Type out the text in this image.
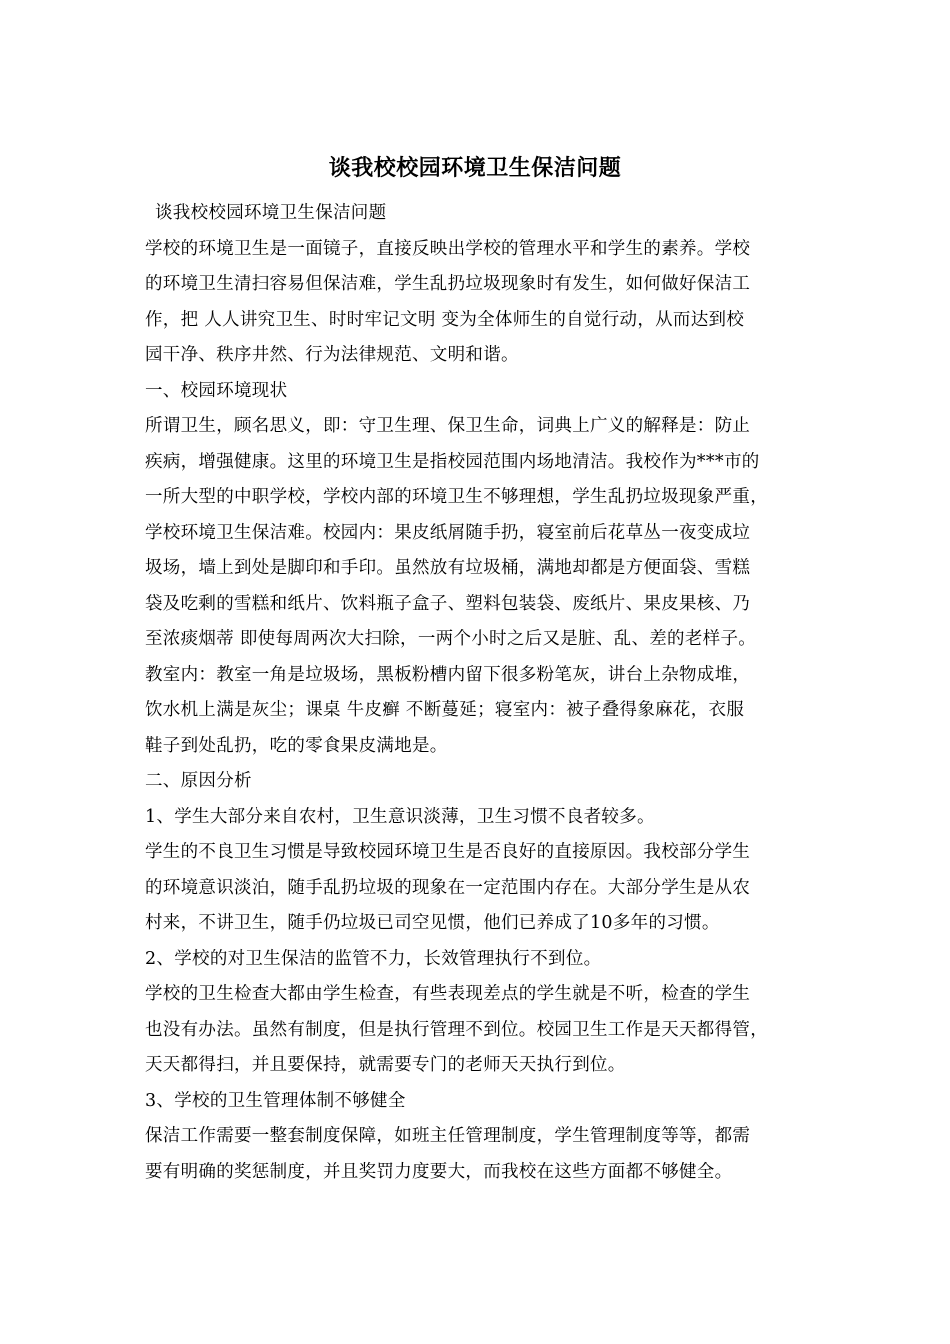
谈我校校园环境卫生保洁问题
谈我校校园环境卫生保洁问题
学校的环境卫生是一面镜子，直接反映出学校的管理水平和学生的素养。学校
的环境卫生清扫容易但保洁难，学生乱扔垃圾现象时有发生，如何做好保洁工
作，把 人人讲究卫生、时时牢记文明 变为全体师生的自觉行动，从而达到校
园干净、秩序井然、行为法律规范、文明和谐。
一、校园环境现状
所谓卫生，顾名思义，即：守卫生理、保卫生命，词典上广义的解释是：防止
疾病，增强健康。这里的环境卫生是指校园范围内场地清洁。我校作为***市的
一所大型的中职学校，学校内部的环境卫生不够理想，学生乱扔垃圾现象严重，
学校环境卫生保洁难。校园内：果皮纸屑随手扔，寝室前后花草丛一夜变成垃
圾场，墙上到处是脚印和手印。虽然放有垃圾桶，满地却都是方便面袋、雪糕
袋及吃剩的雪糕和纸片、饮料瓶子盒子、塑料包装袋、废纸片、果皮果核、乃
至浓痰烟蒂 即使每周两次大扫除，一两个小时之后又是脏、乱、差的老样子。
教室内：教室一角是垃圾场，黑板粉槽内留下很多粉笔灰，讲台上杂物成堆，
饮水机上满是灰尘；课桌 牛皮癣 不断蔓延；寝室内：被子叠得象麻花，衣服
鞋子到处乱扔，吃的零食果皮满地是。
二、原因分析
1、学生大部分来自农村，卫生意识淡薄，卫生习惯不良者较多。
学生的不良卫生习惯是导致校园环境卫生是否良好的直接原因。我校部分学生
的环境意识淡泊，随手乱扔垃圾的现象在一定范围内存在。大部分学生是从农
村来，不讲卫生，随手仍垃圾已司空见惯，他们已养成了10多年的习惯。
2、学校的对卫生保洁的监管不力，长效管理执行不到位。
学校的卫生检查大都由学生检查，有些表现差点的学生就是不听，检查的学生
也没有办法。虽然有制度，但是执行管理不到位。校园卫生工作是天天都得管，
天天都得扫，并且要保持，就需要专门的老师天天执行到位。
3、学校的卫生管理体制不够健全
保洁工作需要一整套制度保障，如班主任管理制度，学生管理制度等等，都需
要有明确的奖惩制度，并且奖罚力度要大，而我校在这些方面都不够健全。
